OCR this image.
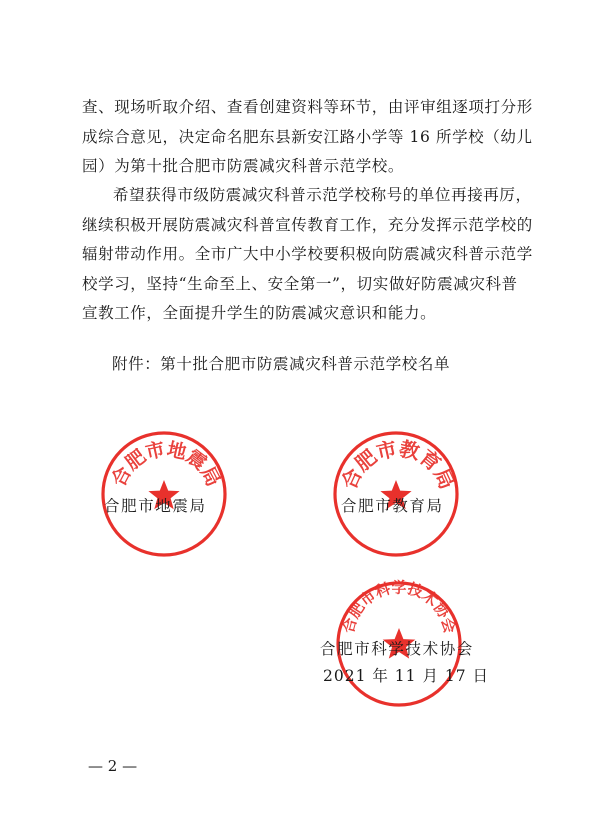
查、现场听取介绍、查看创建资料等环节，由评审组逐项打分形
成综合意见，决定命名肥东县新安江路小学等 16 所学校（幼儿
园）为第十批合肥市防震减灾科普示范学校。

希望获得市级防震减灾科普示范学校称号的单位再接再厉，
继续积极开展防震减灾科普宣传教育工作，充分发挥示范学校的
辐射带动作用。全市广大中小学校要积极向防震减灾科普示范学
校学习，坚持“生命至上、安全第一”，切实做好防震减灾科普
宣教工作，全面提升学生的防震减灾意识和能力。

附件：第十批合肥市防震减灾科普示范学校名单
合肥市地震局	合肥市教育局
合肥市科学技术协会
合肥市地震局	合肥市教育局
合肥市科学技术协会
2021 年 11 月 17 日
— 2 —
